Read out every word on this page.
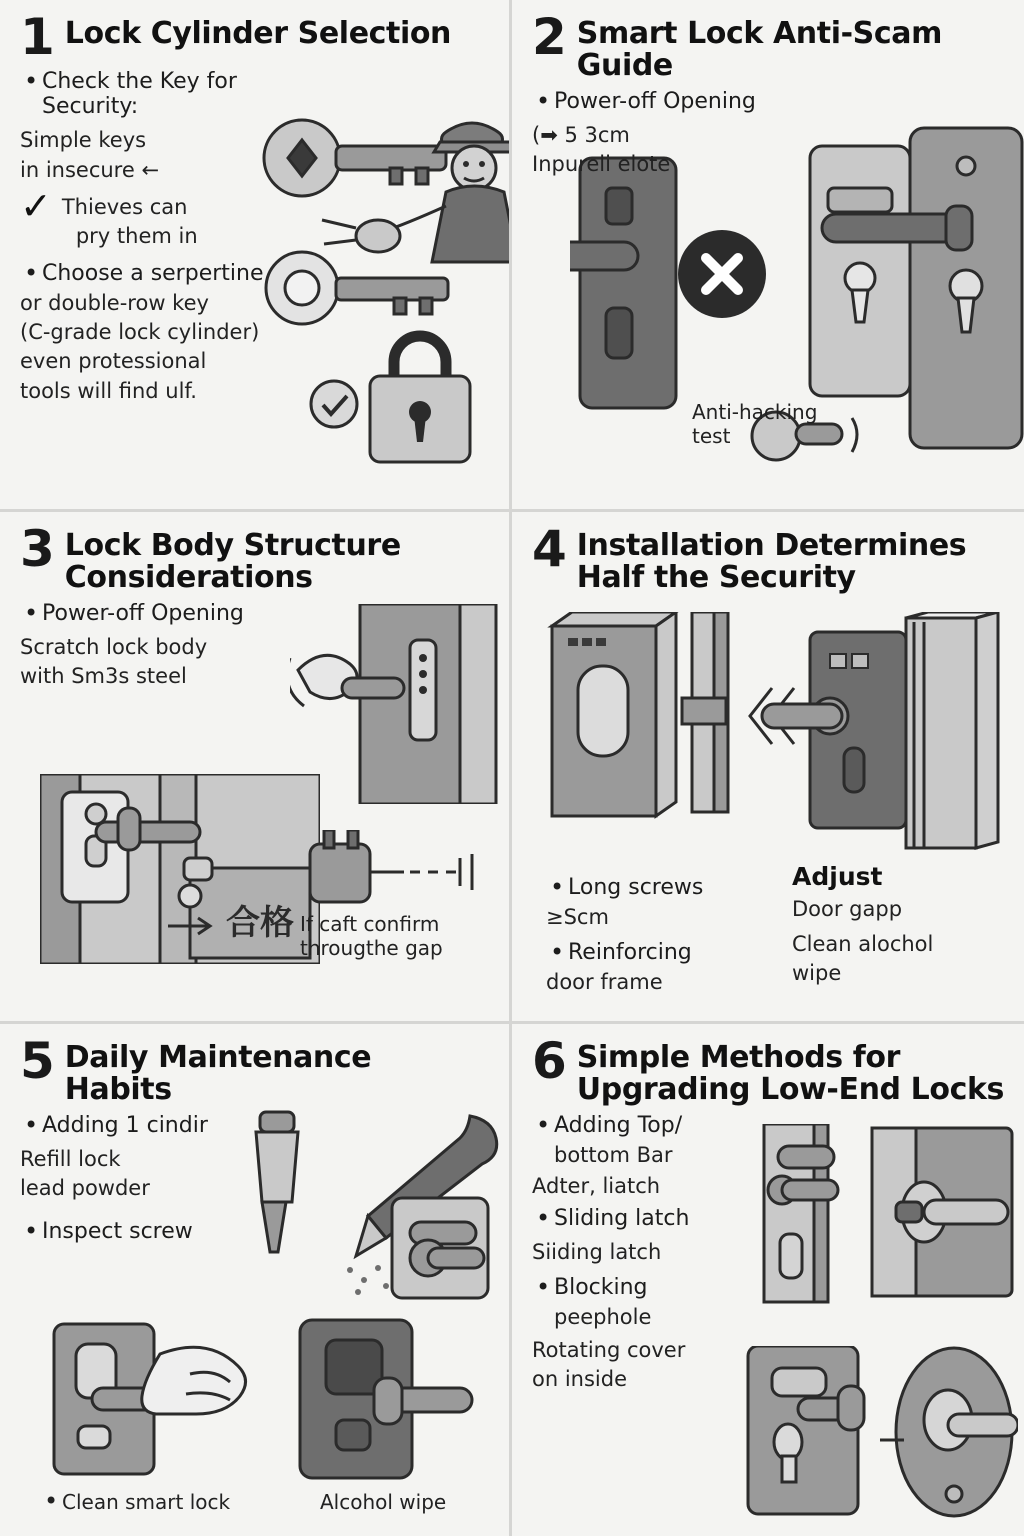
1 Lock Cylinder Selection
• Check the Key for Security:
Simple keys
in insecure ←
✓ Thieves can
pry them in
• Choose a serpertine
or double-row key
(C-grade lock cylinder)
even protessional
tools will find ulf.
2 Smart Lock Anti-Scam Guide
• Power-off Opening
(➡ 5 3cm
Inpureli elote
Anti-hacking
test
3 Lock Body Structure Considerations
• Power-off Opening
Scratch lock body
with Sm3s steel
合格 If caft confirm
througthe gap
4 Installation Determines Half the Security
• Long screws
≥Scm
• Reinforcing
door frame
Adjust
Door gapp
Clean alochol
wipe
5 Daily Maintenance Habits
• Adding 1 cindir
Refill lock
lead powder
• Inspect screw
• Clean smart lock	Alcohol wipe
6 Simple Methods for Upgrading Low-End Locks
• Adding Top/
bottom Bar
Adter, liatch
• Sliding latch
Siiding latch
• Blocking
peephole
Rotating cover
on inside
